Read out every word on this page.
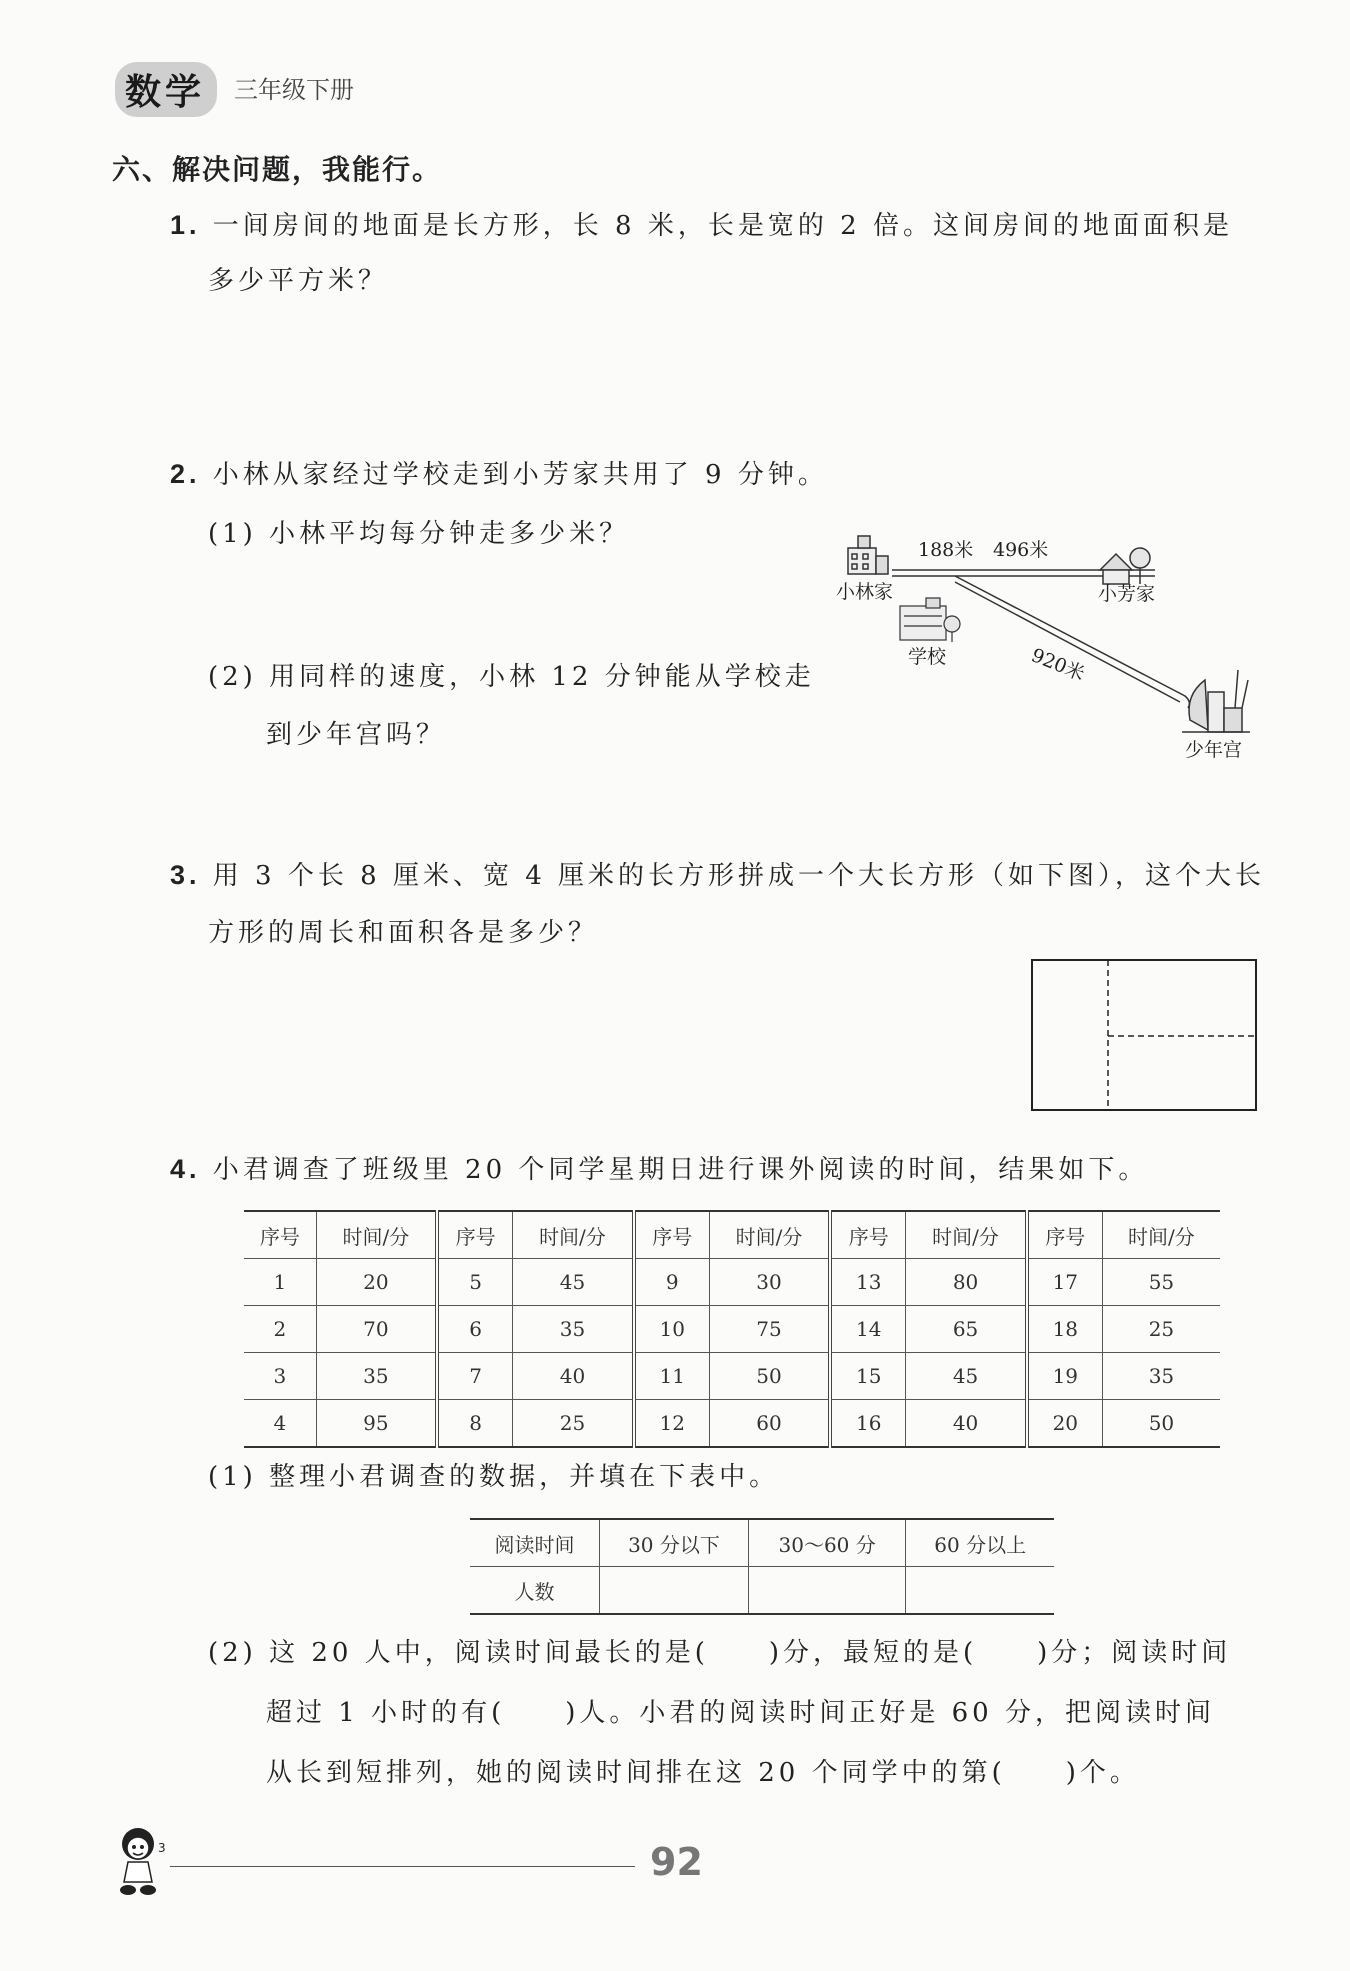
数学	三年级下册
六、解决问题，我能行。
1. 一间房间的地面是长方形，长 8 米，长是宽的 2 倍。这间房间的地面面积是
多少平方米？
2. 小林从家经过学校走到小芳家共用了 9 分钟。
(1) 小林平均每分钟走多少米？
(2) 用同样的速度，小林 12 分钟能从学校走
到少年宫吗？
188米 496米
920米
小林家	小芳家
学校
少年宫
3. 用 3 个长 8 厘米、宽 4 厘米的长方形拼成一个大长方形（如下图），这个大长
方形的周长和面积各是多少？
4. 小君调查了班级里 20 个同学星期日进行课外阅读的时间，结果如下。
序号	时间/分	序号	时间/分	序号	时间/分	序号	时间/分	序号	时间/分
1	20	5	45	9	30	13	80	17	55
2	70	6	35	10	75	14	65	18	25
3	35	7	40	11	50	15	45	19	35
4	95	8	25	12	60	16	40	20	50
(1) 整理小君调查的数据，并填在下表中。
阅读时间	30 分以下	30～60 分	60 分以上
人数			
(2) 这 20 人中，阅读时间最长的是(　　)分，最短的是(　　)分；阅读时间
超过 1 小时的有(　　)人。小君的阅读时间正好是 60 分，把阅读时间
从长到短排列，她的阅读时间排在这 20 个同学中的第(　　)个。
3	92
